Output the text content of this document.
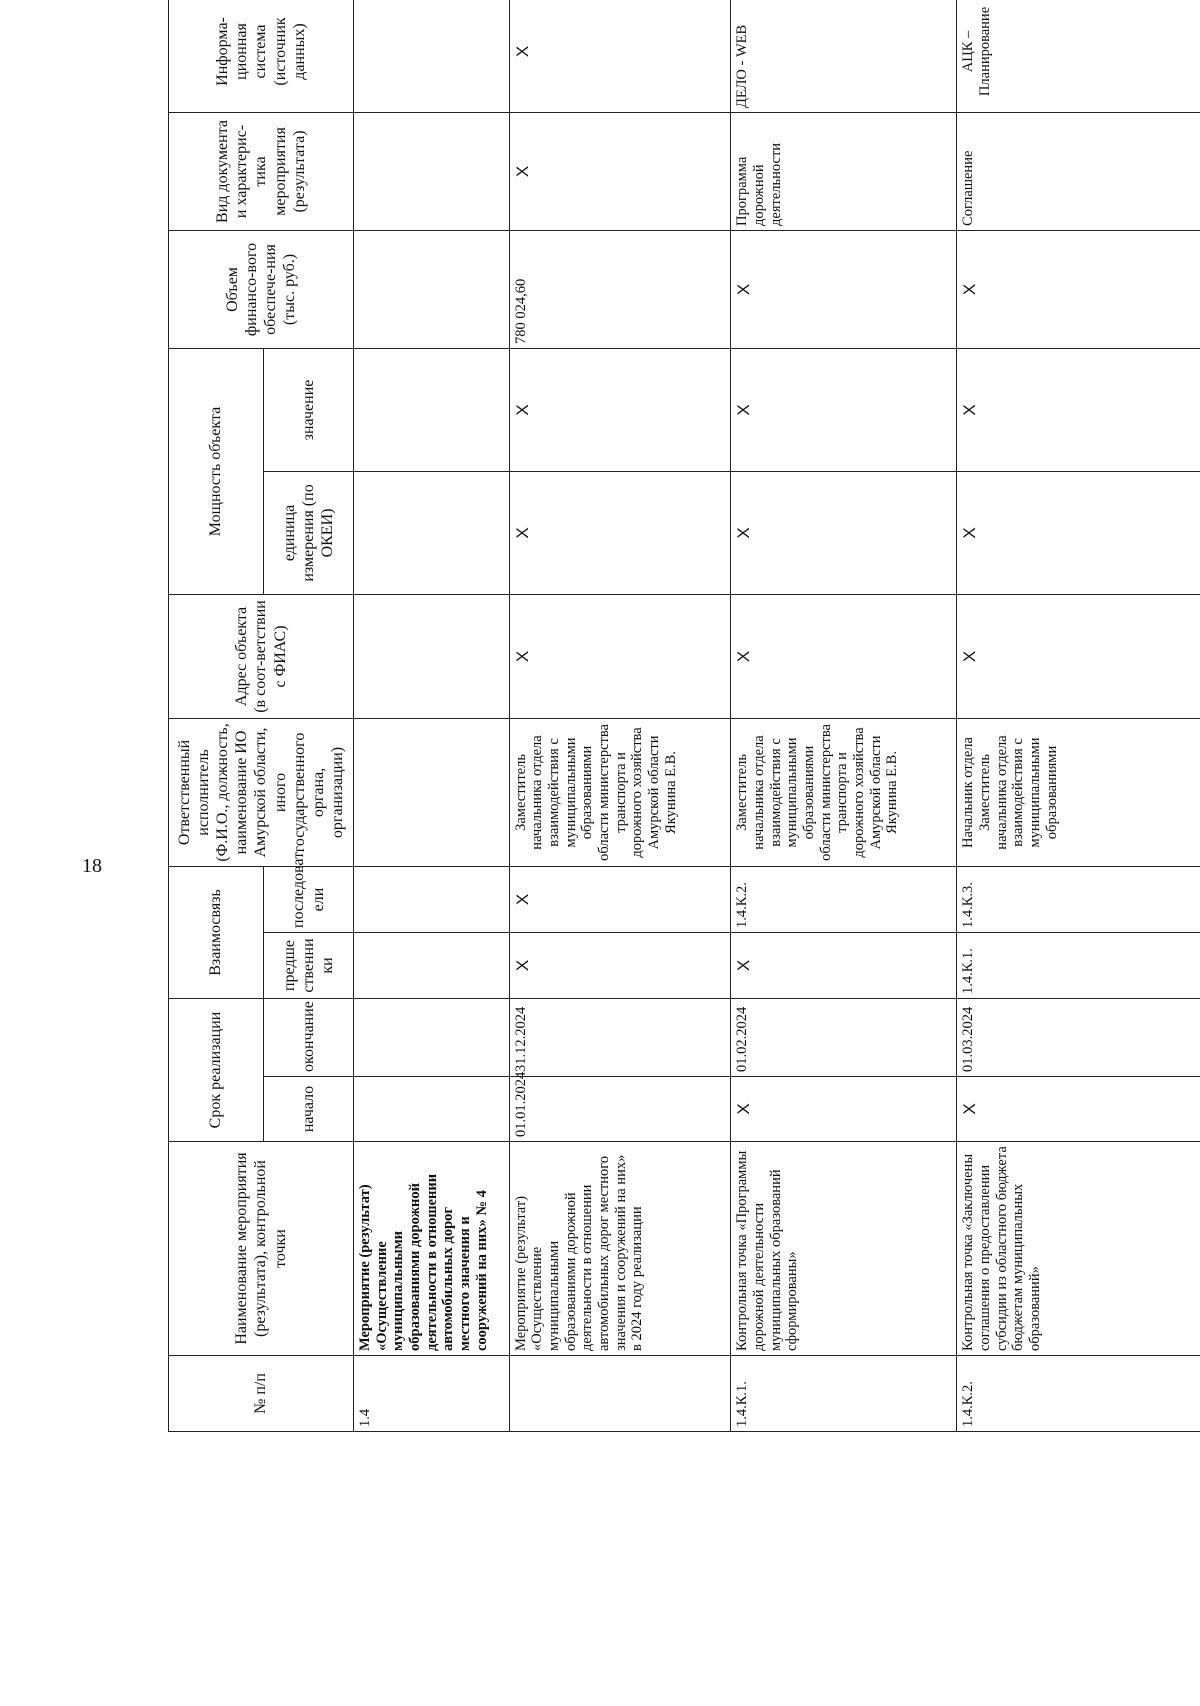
18
№ п/п	Наименование мероприятия (результата), контрольной точки	Срок реализации		Взаимосвязь		Ответственный исполнитель (Ф.И.О., должность, наименование ИО Амурской области, иного государственного органа, организации)	Адрес объекта (в соот-ветствии с ФИАС)	Мощность объекта		Объем финансо-вого обеспече-ния (тыс. руб.)	Вид документа и характерис-тика мероприятия (результата)	Информа-ционная система (источник данных)
		начало	окончание	предше ственни ки	последоват ели			единица измерения (по ОКЕИ)	значение			

1.4	Мероприятие (результат) «Осуществление муниципальными образованиями дорожной деятельности в отношении автомобильных дорог местного значения и сооружений на них» № 4											
	Мероприятие (результат) «Осуществление муниципальными образованиями дорожной деятельности в отношении автомобильных дорог местного значения и сооружений на них» в 2024 году реализации	01.01.2024	31.12.2024	Х	Х	Заместитель начальника отдела взаимодействия с муниципальными образованиями области министерства транспорта и дорожного хозяйства Амурской области Якунина Е.В.	Х	Х	Х	780 024,60	Х	Х
1.4.К.1.	Контрольная точка «Программы дорожной деятельности муниципальных образований сформированы»	Х	01.02.2024	Х	1.4.К.2.	Заместитель начальника отдела взаимодействия с муниципальными образованиями области министерства транспорта и дорожного хозяйства Амурской области Якунина Е.В.	Х	Х	Х	Х	Программа дорожной деятельности	ДЕЛО - WEB
1.4.К.2.	Контрольная точка «Заключены соглашения о предоставлении субсидии из областного бюджета бюджетам муниципальных образований»	Х	01.03.2024	1.4.К.1.	1.4.К.3.	Начальник отдела Заместитель начальника отдела взаимодействия с муниципальными образованиями	Х	Х	Х	Х	Соглашение	АЦК – Планирование
